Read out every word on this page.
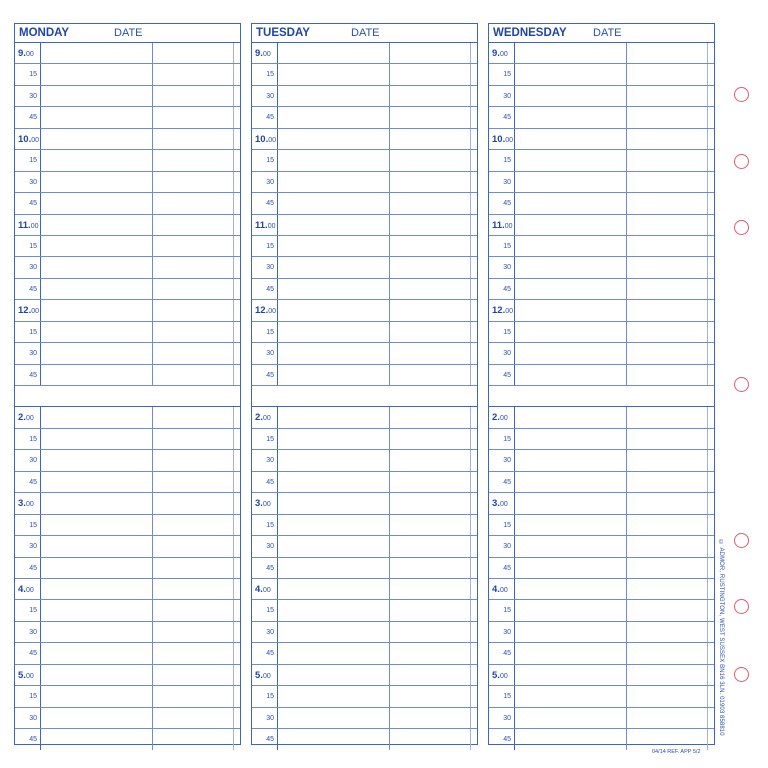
MONDAY	DATE
9.00
15
30
45
10.00
15
30
45
11.00
15
30
45
12.00
15
30
45
2.00
15
30
45
3.00
15
30
45
4.00
15
30
45
5.00
15
30
45
TUESDAY	DATE
9.00
15
30
45
10.00
15
30
45
11.00
15
30
45
12.00
15
30
45
2.00
15
30
45
3.00
15
30
45
4.00
15
30
45
5.00
15
30
45
WEDNESDAY	DATE
9.00
15
30
45
10.00
15
30
45
11.00
15
30
45
12.00
15
30
45
2.00
15
30
45
3.00
15
30
45
4.00
15
30
45
5.00
15
30
45
© ADMOR, RUSTINGTON, WEST SUSSEX BN16 3LN. 01903 858810
04/14 REF. APP 5/2
